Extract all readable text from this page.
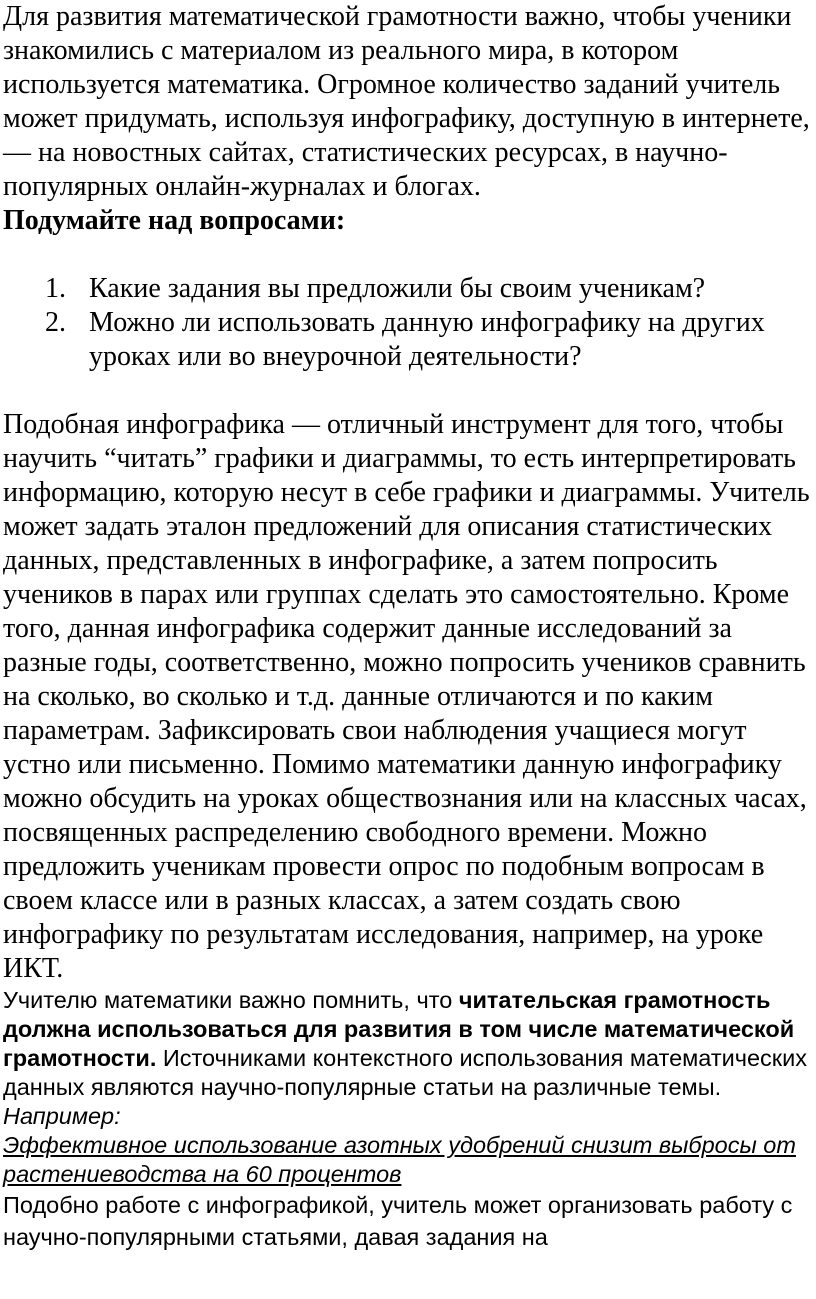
Для развития математической грамотности важно, чтобы ученики знакомились с материалом из реального мира, в котором используется математика. Огромное количество заданий учитель может придумать, используя инфографику, доступную в интернете, — на новостных сайтах, статистических ресурсах, в научно-популярных онлайн-журналах и блогах.

Подумайте над вопросами:

1. Какие задания вы предложили бы своим ученикам?
2. Можно ли использовать данную инфографику на других уроках или во внеурочной деятельности?

Подобная инфографика — отличный инструмент для того, чтобы научить “читать” графики и диаграммы, то есть интерпретировать информацию, которую несут в себе графики и диаграммы. Учитель может задать эталон предложений для описания статистических данных, представленных в инфографике, а затем попросить учеников в парах или группах сделать это самостоятельно. Кроме того, данная инфографика содержит данные исследований за разные годы, соответственно, можно попросить учеников сравнить на сколько, во сколько и т.д. данные отличаются и по каким параметрам. Зафиксировать свои наблюдения учащиеся могут устно или письменно. Помимо математики данную инфографику можно обсудить на уроках обществознания или на классных часах, посвященных распределению свободного времени. Можно предложить ученикам провести опрос по подобным вопросам в своем классе или в разных классах, а затем создать свою инфографику по результатам исследования, например, на уроке ИКТ.

Учителю математики важно помнить, что читательская грамотность должна использоваться для развития в том числе математической грамотности. Источниками контекстного использования математических данных являются научно-популярные статьи на различные темы.

Например:

Эффективное использование азотных удобрений снизит выбросы от растениеводства на 60 процентов

Подобно работе с инфографикой, учитель может организовать работу с научно-популярными статьями, давая задания на
